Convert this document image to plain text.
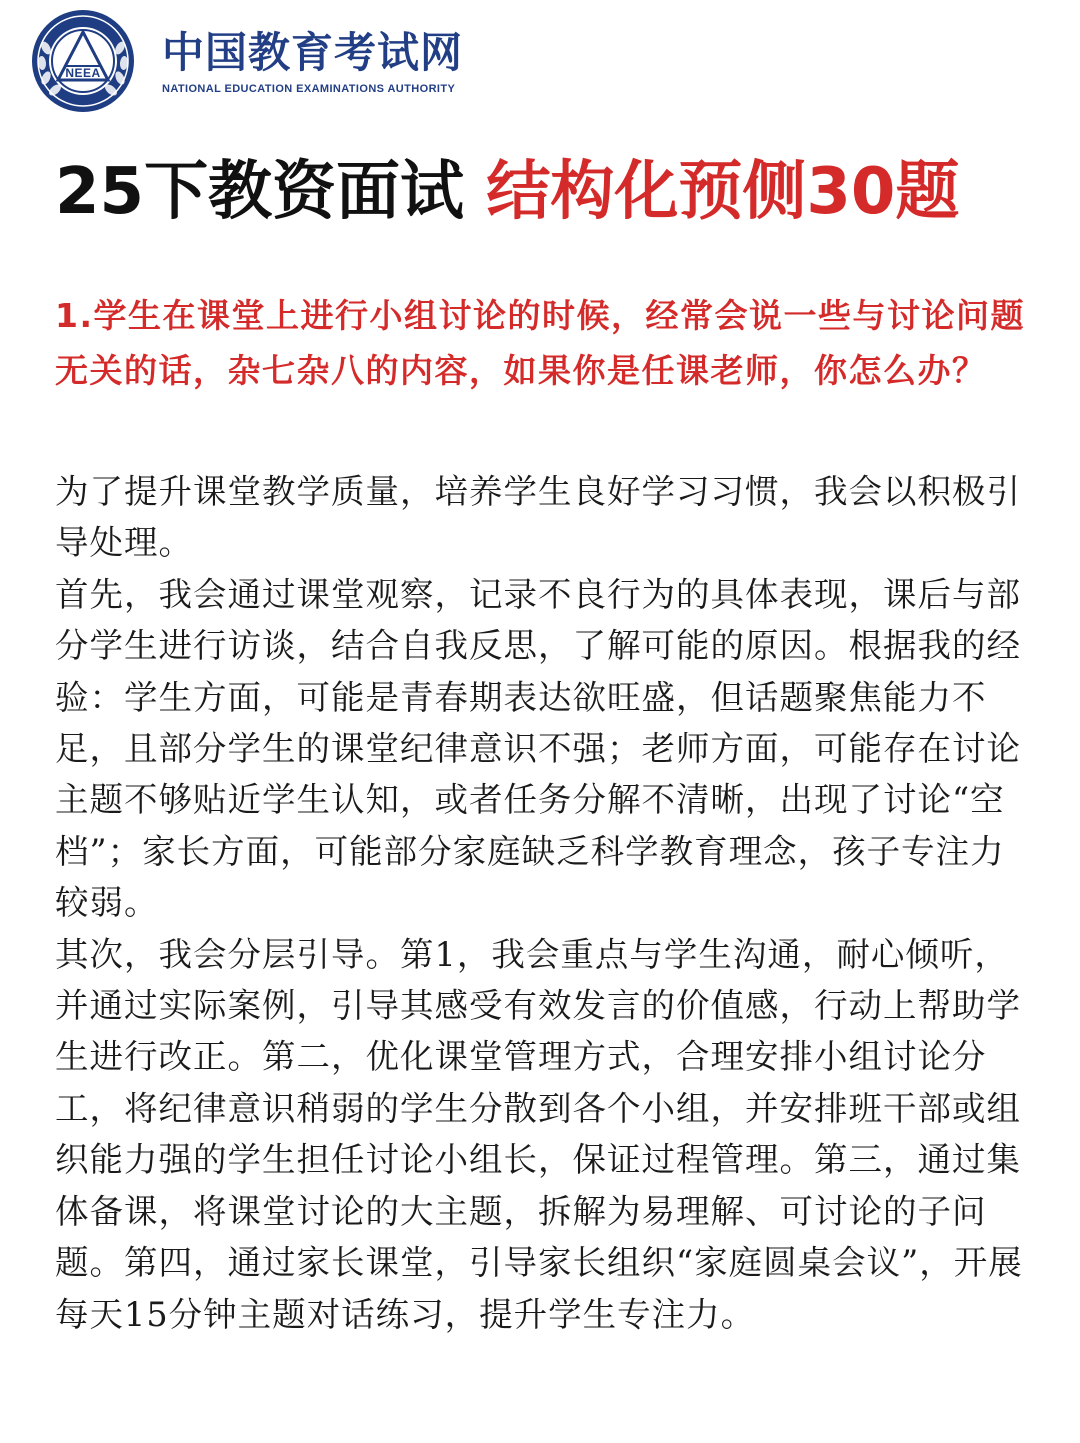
NEEA	中国教育考试网
NATIONAL EDUCATION EXAMINATIONS AUTHORITY
25下教资面试 结构化预侧30题
1.学生在课堂上进行小组讨论的时候，经常会说一些与讨论问题无关的话，杂七杂八的内容，如果你是任课老师，你怎么办？

为了提升课堂教学质量，培养学生良好学习习惯，我会以积极引导处理。

首先，我会通过课堂观察，记录不良行为的具体表现，课后与部分学生进行访谈，结合自我反思，了解可能的原因。根据我的经验：学生方面，可能是青春期表达欲旺盛，但话题聚焦能力不足，且部分学生的课堂纪律意识不强；老师方面，可能存在讨论主题不够贴近学生认知，或者任务分解不清晰，出现了讨论“空档”；家长方面，可能部分家庭缺乏科学教育理念，孩子专注力较弱。

其次，我会分层引导。第1，我会重点与学生沟通，耐心倾听，并通过实际案例，引导其感受有效发言的价值感，行动上帮助学生进行改正。第二，优化课堂管理方式，合理安排小组讨论分工，将纪律意识稍弱的学生分散到各个小组，并安排班干部或组织能力强的学生担任讨论小组长，保证过程管理。第三，通过集体备课，将课堂讨论的大主题，拆解为易理解、可讨论的子问题。第四，通过家长课堂，引导家长组织“家庭圆桌会议”，开展每天15分钟主题对话练习，提升学生专注力。
